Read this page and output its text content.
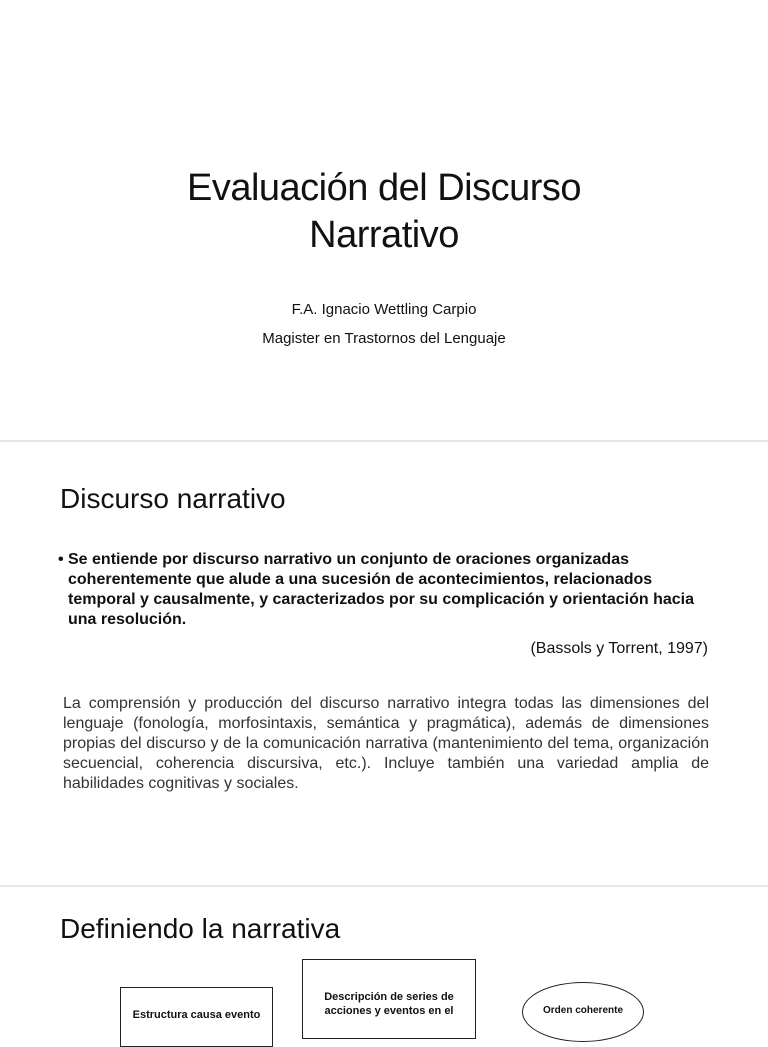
Evaluación del Discurso
Narrativo

F.A. Ignacio Wettling Carpio

Magister en Trastornos del Lenguaje

Discurso narrativo

• Se entiende por discurso narrativo un conjunto de oraciones organizadas coherentemente que alude a una sucesión de acontecimientos, relacionados temporal y causalmente, y caracterizados por su complicación y orientación hacia una resolución.

(Bassols y Torrent, 1997)

La comprensión y producción del discurso narrativo integra todas las dimensiones del lenguaje (fonología, morfosintaxis, semántica y pragmática), además de dimensiones propias del discurso y de la comunicación narrativa (mantenimiento del tema, organización secuencial, coherencia discursiva, etc.). Incluye también una variedad amplia de habilidades cognitivas y sociales.

Definiendo la narrativa
Estructura causa evento
Descripción de series de acciones y eventos en el	Orden coherente
